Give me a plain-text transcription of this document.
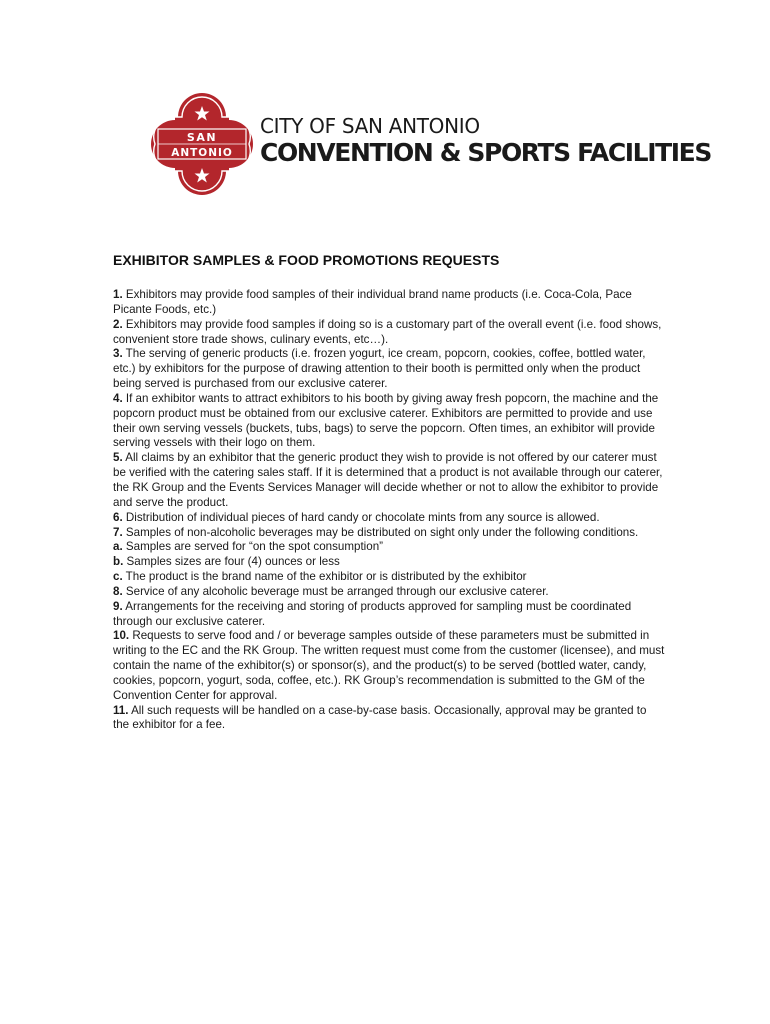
SAN
ANTONIO
CITY OF SAN ANTONIO
CONVENTION & SPORTS FACILITIES
EXHIBITOR SAMPLES & FOOD PROMOTIONS REQUESTS

1. Exhibitors may provide food samples of their individual brand name products (i.e. Coca-Cola, Pace Picante Foods, etc.)

2. Exhibitors may provide food samples if doing so is a customary part of the overall event (i.e. food shows, convenient store trade shows, culinary events, etc…).

3. The serving of generic products (i.e. frozen yogurt, ice cream, popcorn, cookies, coffee, bottled water, etc.) by exhibitors for the purpose of drawing attention to their booth is permitted only when the product being served is purchased from our exclusive caterer.

4. If an exhibitor wants to attract exhibitors to his booth by giving away fresh popcorn, the machine and the popcorn product must be obtained from our exclusive caterer. Exhibitors are permitted to provide and use their own serving vessels (buckets, tubs, bags) to serve the popcorn. Often times, an exhibitor will provide serving vessels with their logo on them.

5. All claims by an exhibitor that the generic product they wish to provide is not offered by our caterer must be verified with the catering sales staff. If it is determined that a product is not available through our caterer, the RK Group and the Events Services Manager will decide whether or not to allow the exhibitor to provide and serve the product.

6. Distribution of individual pieces of hard candy or chocolate mints from any source is allowed.

7. Samples of non-alcoholic beverages may be distributed on sight only under the following conditions.

a. Samples are served for “on the spot consumption”

b. Samples sizes are four (4) ounces or less

c. The product is the brand name of the exhibitor or is distributed by the exhibitor

8. Service of any alcoholic beverage must be arranged through our exclusive caterer.

9. Arrangements for the receiving and storing of products approved for sampling must be coordinated through our exclusive caterer.

10. Requests to serve food and / or beverage samples outside of these parameters must be submitted in writing to the EC and the RK Group. The written request must come from the customer (licensee), and must contain the name of the exhibitor(s) or sponsor(s), and the product(s) to be served (bottled water, candy, cookies, popcorn, yogurt, soda, coffee, etc.). RK Group’s recommendation is submitted to the GM of the Convention Center for approval.

11. All such requests will be handled on a case-by-case basis. Occasionally, approval may be granted to the exhibitor for a fee.
